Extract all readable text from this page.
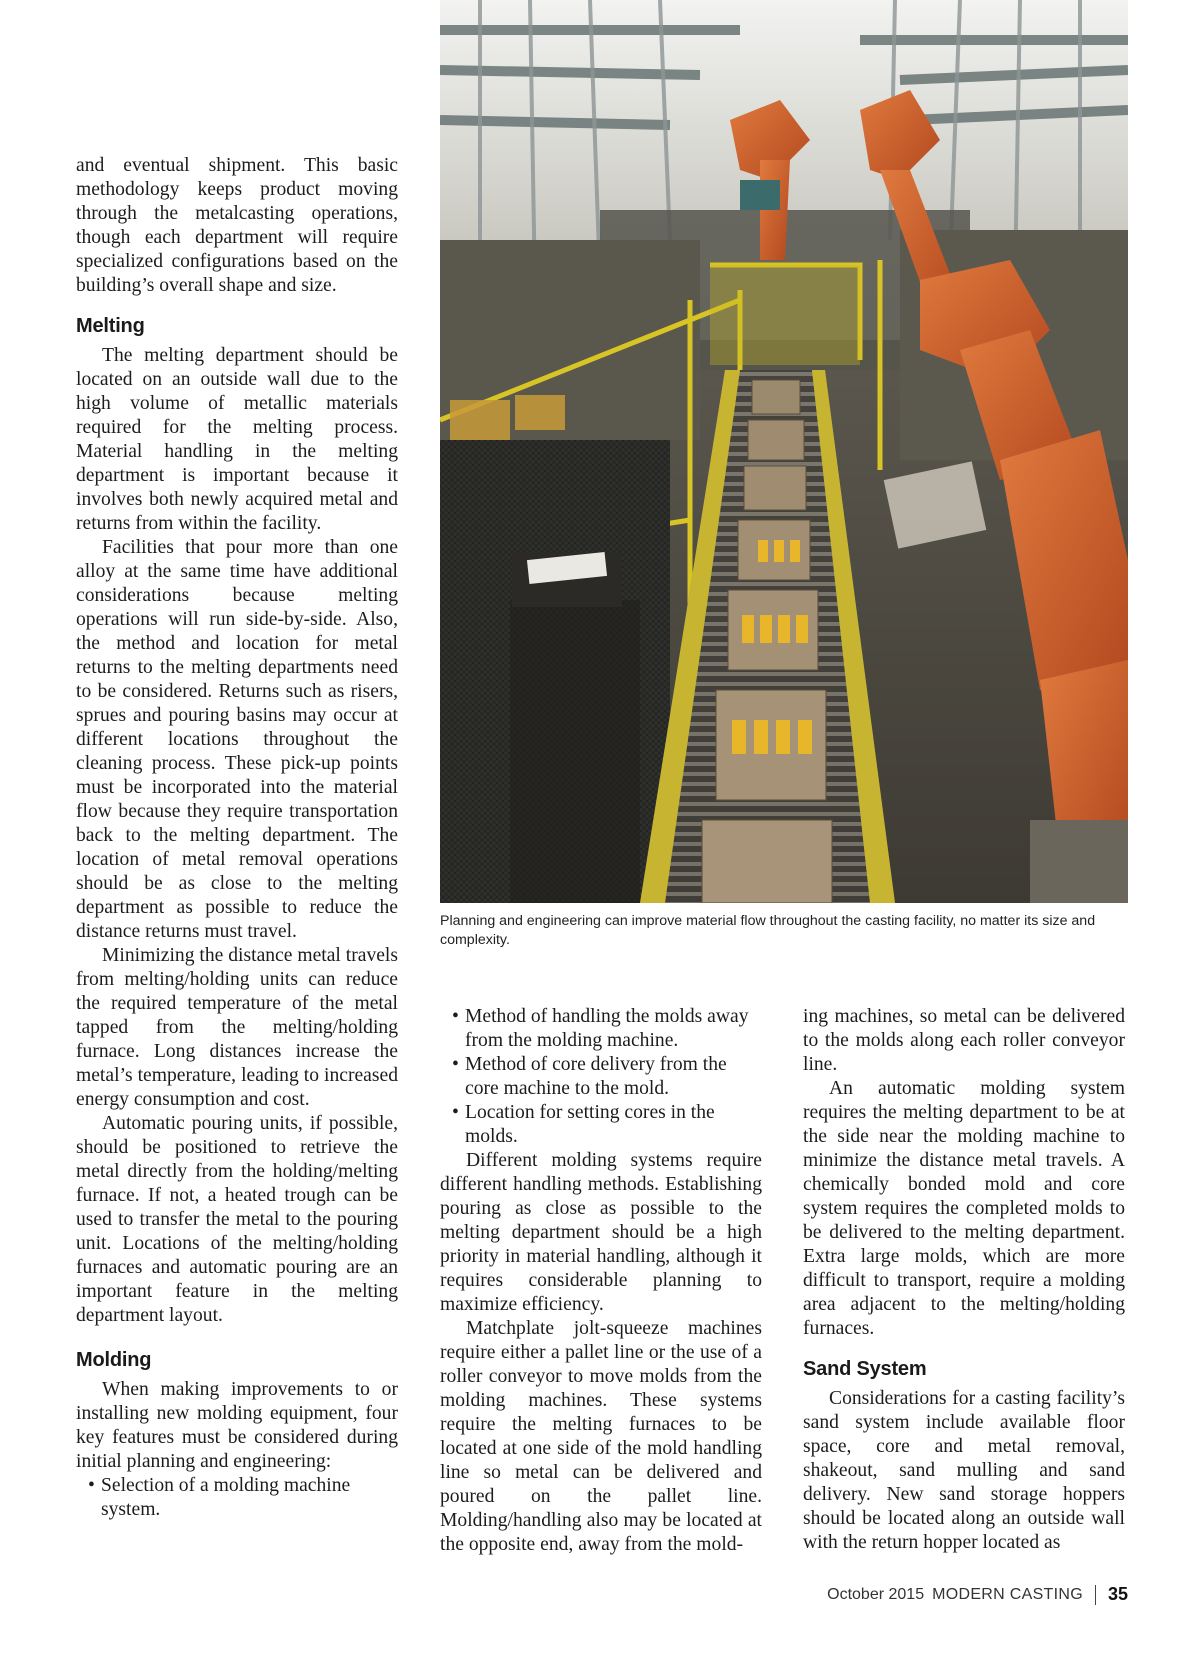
and eventual shipment. This basic methodology keeps product moving through the metalcasting operations, though each department will require specialized configurations based on the building’s overall shape and size.

Melting

The melting department should be located on an outside wall due to the high volume of metallic materials required for the melting process. Material handling in the melting department is important because it involves both newly acquired metal and returns from within the facility.

Facilities that pour more than one alloy at the same time have additional considerations because melting operations will run side-by-side. Also, the method and location for metal returns to the melting departments need to be considered. Returns such as risers, sprues and pouring basins may occur at different locations throughout the cleaning process. These pick-up points must be incorporated into the material flow because they require transportation back to the melting department. The location of metal removal operations should be as close to the melting department as possible to reduce the distance returns must travel.

Minimizing the distance metal travels from melting/holding units can reduce the required temperature of the metal tapped from the melting/holding furnace. Long distances increase the metal’s temperature, leading to increased energy consumption and cost.

Automatic pouring units, if possible, should be positioned to retrieve the metal directly from the holding/melting furnace. If not, a heated trough can be used to transfer the metal to the pouring unit. Locations of the melting/holding furnaces and automatic pouring are an important feature in the melting department layout.

Molding

When making improvements to or installing new molding equipment, four key features must be considered during initial planning and engineering:

• Selection of a molding machine system.
Planning and engineering can improve material flow throughout the casting facility, no matter its size and complexity.
• Method of handling the molds away from the molding machine.
• Method of core delivery from the core machine to the mold.
• Location for setting cores in the molds.

Different molding systems require different handling methods. Establishing pouring as close as possible to the melting department should be a high priority in material handling, although it requires considerable planning to maximize efficiency.

Matchplate jolt-squeeze machines require either a pallet line or the use of a roller conveyor to move molds from the molding machines. These systems require the melting furnaces to be located at one side of the mold handling line so metal can be delivered and poured on the pallet line. Molding/handling also may be located at the opposite end, away from the mold-

ing machines, so metal can be delivered to the molds along each roller conveyor line.

An automatic molding system requires the melting department to be at the side near the molding machine to minimize the distance metal travels. A chemically bonded mold and core system requires the completed molds to be delivered to the melting department. Extra large molds, which are more difficult to transport, require a molding area adjacent to the melting/holding furnaces.

Sand System

Considerations for a casting facility’s sand system include available floor space, core and metal removal, shakeout, sand mulling and sand delivery. New sand storage hoppers should be located along an outside wall with the return hopper located as

October 2015 MODERN CASTING 35
